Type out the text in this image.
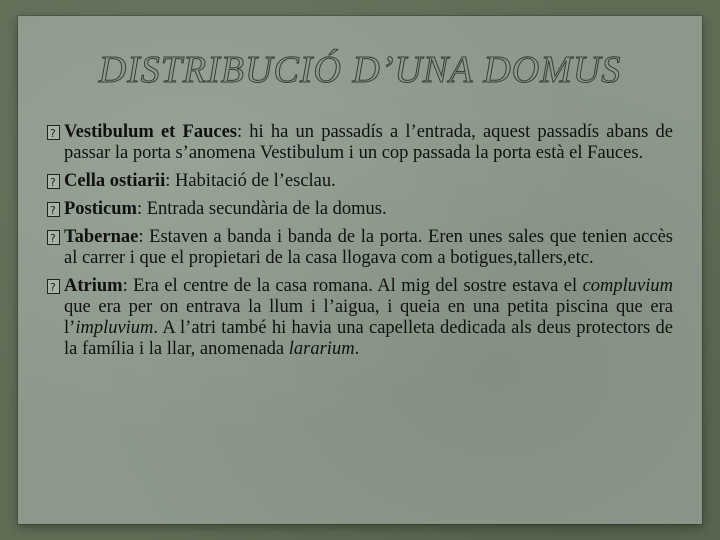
DISTRIBUCIÓ D’UNA DOMUS
?
Vestibulum et Fauces: hi ha un passadís a l’entrada, aquest passadís abans de passar la porta s’anomena Vestibulum i un cop passada la porta està el Fauces.
?
Cella ostiarii: Habitació de l’esclau.
?
Posticum: Entrada secundària de la domus.
?
Tabernae: Estaven a banda i banda de la porta. Eren unes sales que tenien accès al carrer i que el propietari de la casa llogava com a botigues,tallers,etc.
?
Atrium: Era el centre de la casa romana. Al mig del sostre estava el compluvium que era per on entrava la llum i l’aigua, i queia en una petita piscina que era l’impluvium. A l’atri també hi havia una capelleta dedicada als deus protectors de la família i la llar, anomenada lararium.
